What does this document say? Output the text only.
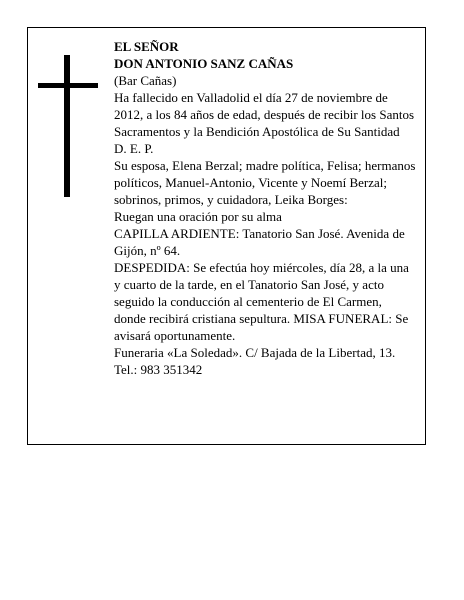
EL SEÑOR

DON ANTONIO SANZ CAÑAS

(Bar Cañas)

Ha fallecido en Valladolid el día 27 de noviembre de 2012, a los 84 años de edad, después de recibir los Santos Sacramentos y la Bendición Apostólica de Su Santidad

D. E. P.

Su esposa, Elena Berzal; madre política, Felisa; hermanos políticos, Manuel-Antonio, Vicente y Noemí Berzal; sobrinos, primos, y cuidadora, Leika Borges:

Ruegan una oración por su alma

CAPILLA ARDIENTE: Tanatorio San José. Avenida de Gijón, nº 64.

DESPEDIDA: Se efectúa hoy miércoles, día 28, a la una y cuarto de la tarde, en el Tanatorio San José, y acto seguido la conducción al cementerio de El Carmen, donde recibirá cristiana sepultura. MISA FUNERAL: Se avisará oportunamente.

Funeraria «La Soledad». C/ Bajada de la Libertad, 13. Tel.: 983 351342
